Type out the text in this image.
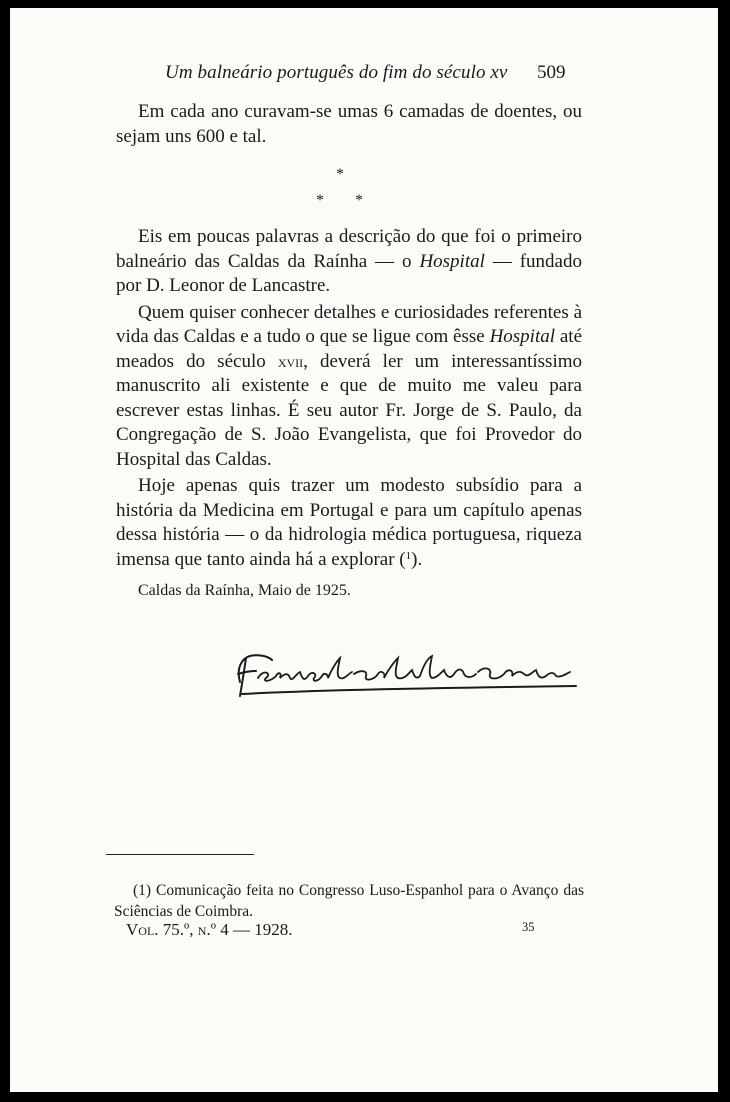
Um balneário português do fim do século xv 509

Em cada ano curavam-se umas 6 camadas de doentes, ou sejam uns 600 e tal.

*
* *

Eis em poucas palavras a descrição do que foi o primeiro balneário das Caldas da Raínha — o Hospital — fundado por D. Leonor de Lancastre.

Quem quiser conhecer detalhes e curiosidades referentes à vida das Caldas e a tudo o que se ligue com êsse Hospital até meados do século xvii, deverá ler um interessantíssimo manuscrito ali existente e que de muito me valeu para escrever estas linhas. É seu autor Fr. Jorge de S. Paulo, da Congregação de S. João Evangelista, que foi Provedor do Hospital das Caldas.

Hoje apenas quis trazer um modesto subsídio para a história da Medicina em Portugal e para um capítulo apenas dessa história — o da hidrologia médica portuguesa, riqueza imensa que tanto ainda há a explorar ($^1$).

Caldas da Raínha, Maio de 1925.

(1) Comunicação feita no Congresso Luso-Espanhol para o Avanço das Sciências de Coimbra.

Vol. 75.º, n.º 4 — 1928.	35
